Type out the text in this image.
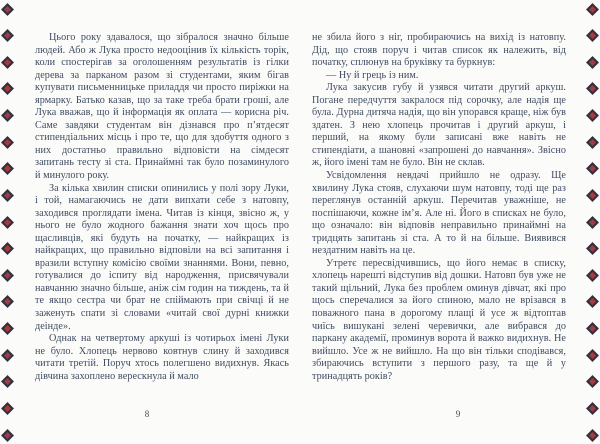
Цього року здавалося, що зібралося значно більше людей. Або ж Лука просто недооцінив їх кількість торік, коли спостерігав за оголошенням результатів із гілки дерева за парканом разом зі студентами, яким бігав купувати письменницьке приладдя чи просто пиріжки на ярмарку. Батько казав, що за таке треба брати гроші, але Лука вважав, що й інформація як оплата — корисна річ. Саме завдяки студентам він дізнався про п’ятдесят стипендіальних місць і про те, що для здобуття одного з них достатньо правильно відповісти на сімдесят запитань тесту зі ста. Принаймні так було позаминулого й минулого року.

За кілька хвилин списки опинились у полі зору Луки, і той, намагаючись не дати випхати себе з натовпу, заходився проглядати імена. Читав із кінця, звісно ж, у нього не було жодного бажання знати хоч щось про щасливців, які будуть на початку, — найкращих із найкращих, що правильно відповіли на всі запитання і вразили вступну комісію своїми знаннями. Вони, певно, готувалися до іспиту від народження, присвячували навчанню значно більше, аніж сім годин на тиждень, та й те якщо сестра чи брат не спіймають при свічці й не заженуть спати зі словами «читай свої дурні книжки деінде».

Однак на четвертому аркуші із чотирьох імені Луки не було. Хлопець нервово ковтнув слину й заходився читати третій. Поруч хтось полегшено видихнув. Якась дівчина захоплено верескнула й мало

не збила його з ніг, пробираючись на вихід із натовпу. Дід, що стояв поруч і читав список як належить, від початку, сплюнув на бруківку та буркнув:

— Ну й грець із ним.

Лука закусив губу й узявся читати другий аркуш. Погане передчуття закралося під сорочку, але надія ще була. Дурна дитяча надія, що він упорався краще, ніж був здатен. З нею хлопець прочитав і другий аркуш, і перший, на якому були записані вже навіть не стипендіати, а шановні «запрошені до навчання». Звісно ж, його імені там не було. Він не склав.

Усвідомлення невдачі прийшло не одразу. Ще хвилину Лука стояв, слухаючи шум натовпу, тоді ще раз переглянув останній аркуш. Перечитав уважніше, не поспішаючи, кожне ім’я. Але ні. Його в списках не було, що означало: він відповів неправильно принаймні на тридцять запитань зі ста. А то й на більше. Виявився нездатним навіть на це.

Утретє пересвідчившись, що його немає в списку, хлопець нарешті відступив від дошки. Натовп був уже не такий щільний, Лука без проблем оминув дівчат, які про щось сперечалися за його спиною, мало не врізався в поважного пана в дорогому плащі й усе ж відтоптав чиїсь вишукані зелені черевички, але вибрався до паркану академії, проминув ворота й важко видихнув. Не вийшло. Усе ж не вийшло. На що він тільки сподівався, збираючись вступити з першого разу, та ще й у тринадцять років?

8	9
